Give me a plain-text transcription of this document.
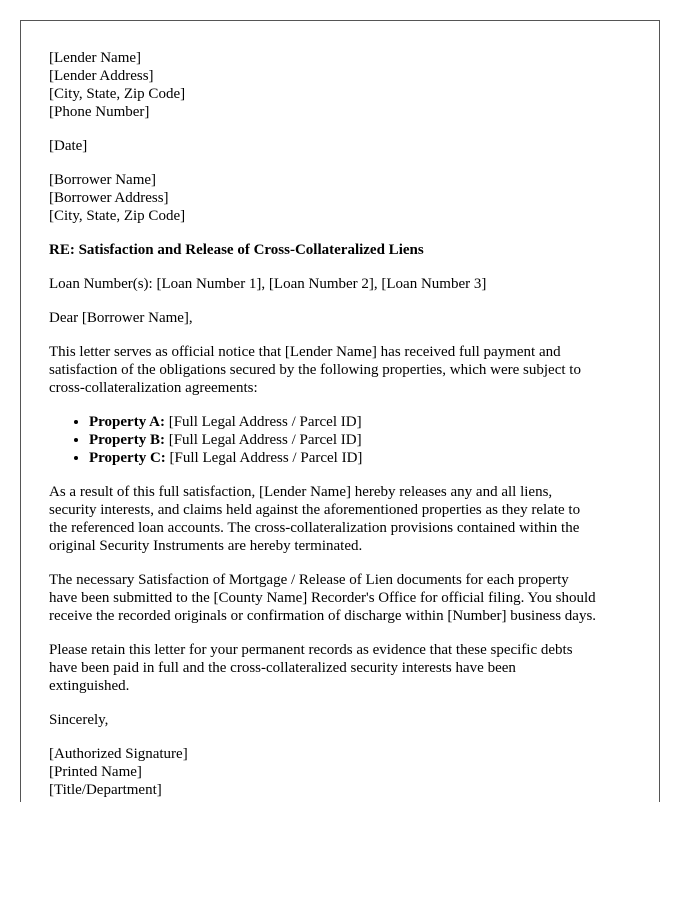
[Lender Name]
[Lender Address]
[City, State, Zip Code]
[Phone Number]
[Date]
[Borrower Name]
[Borrower Address]
[City, State, Zip Code]
RE: Satisfaction and Release of Cross-Collateralized Liens
Loan Number(s): [Loan Number 1], [Loan Number 2], [Loan Number 3]
Dear [Borrower Name],
This letter serves as official notice that [Lender Name] has received full payment and
satisfaction of the obligations secured by the following properties, which were subject to
cross-collateralization agreements:
• Property A: [Full Legal Address / Parcel ID]
• Property B: [Full Legal Address / Parcel ID]
• Property C: [Full Legal Address / Parcel ID]
As a result of this full satisfaction, [Lender Name] hereby releases any and all liens,
security interests, and claims held against the aforementioned properties as they relate to
the referenced loan accounts. The cross-collateralization provisions contained within the
original Security Instruments are hereby terminated.
The necessary Satisfaction of Mortgage / Release of Lien documents for each property
have been submitted to the [County Name] Recorder's Office for official filing. You should
receive the recorded originals or confirmation of discharge within [Number] business days.
Please retain this letter for your permanent records as evidence that these specific debts
have been paid in full and the cross-collateralized security interests have been
extinguished.
Sincerely,
[Authorized Signature]
[Printed Name]
[Title/Department]
